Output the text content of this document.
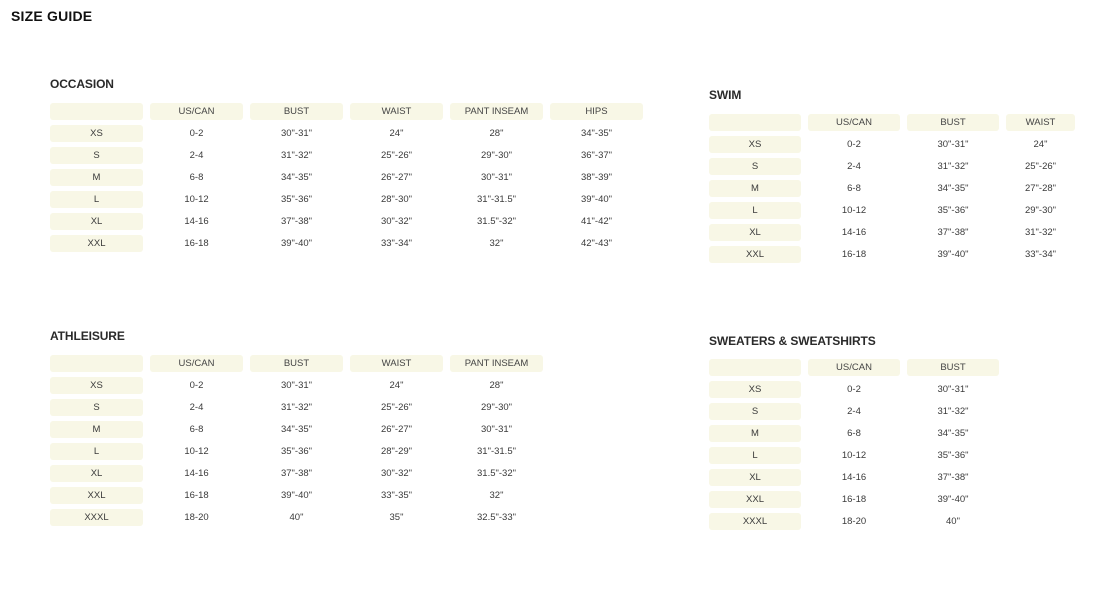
SIZE GUIDE
OCCASION
	US/CAN	BUST	WAIST	PANT INSEAM	HIPS
XS	0-2	30"-31"	24"	28"	34"-35"
S	2-4	31"-32"	25"-26"	29"-30"	36"-37"
M	6-8	34"-35"	26"-27"	30"-31"	38"-39"
L	10-12	35"-36"	28"-30"	31"-31.5"	39"-40"
XL	14-16	37"-38"	30"-32"	31.5"-32"	41"-42"
XXL	16-18	39"-40"	33"-34"	32"	42"-43"
ATHLEISURE
	US/CAN	BUST	WAIST	PANT INSEAM
XS	0-2	30"-31"	24"	28"
S	2-4	31"-32"	25"-26"	29"-30"
M	6-8	34"-35"	26"-27"	30"-31"
L	10-12	35"-36"	28"-29"	31"-31.5"
XL	14-16	37"-38"	30"-32"	31.5"-32"
XXL	16-18	39"-40"	33"-35"	32"
XXXL	18-20	40"	35"	32.5"-33"
SWIM
	US/CAN	BUST	WAIST
XS	0-2	30"-31"	24"
S	2-4	31"-32"	25"-26"
M	6-8	34"-35"	27"-28"
L	10-12	35"-36"	29"-30"
XL	14-16	37"-38"	31"-32"
XXL	16-18	39"-40"	33"-34"
SWEATERS & SWEATSHIRTS
	US/CAN	BUST
XS	0-2	30"-31"
S	2-4	31"-32"
M	6-8	34"-35"
L	10-12	35"-36"
XL	14-16	37"-38"
XXL	16-18	39"-40"
XXXL	18-20	40"
